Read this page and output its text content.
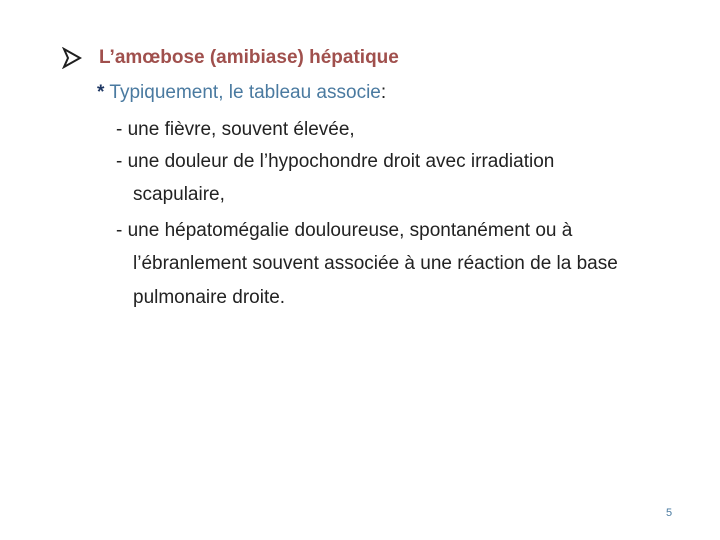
L’amœbose (amibiase) hépatique
* Typiquement, le tableau associe :
- une fièvre, souvent élevée,
- une douleur de l’hypochondre droit avec irradiation
scapulaire,
- une hépatomégalie douloureuse, spontanément ou à
l’ébranlement souvent associée à une réaction de la base
pulmonaire droite.
5
